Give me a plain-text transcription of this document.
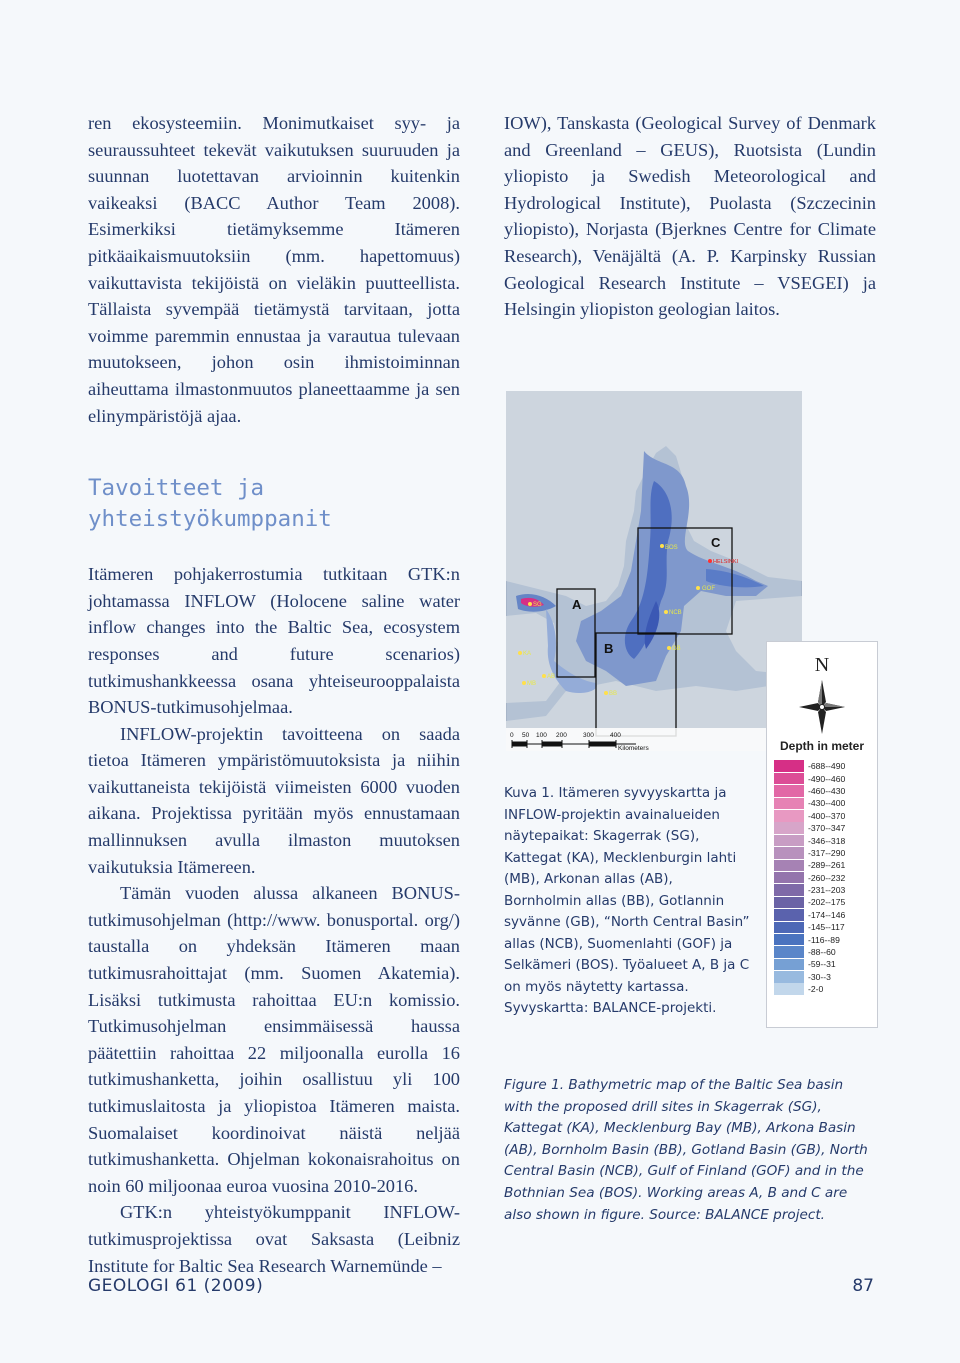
ren ekosysteemiin. Monimutkaiset syy- ja seuraussuhteet tekevät vaikutuksen suuruuden ja suunnan luotettavan arvioinnin kuitenkin vaikeaksi (BACC Author Team 2008). Esimerkiksi tietämyksemme Itämeren pitkäaikaismuutoksiin (mm. hapettomuus) vaikuttavista tekijöistä on vieläkin puutteellista. Tällaista syvempää tietämystä tarvitaan, jotta voimme paremmin ennustaa ja varautua tulevaan muutokseen, johon osin ihmistoiminnan aiheuttama ilmastonmuutos planeettaamme ja sen elinympäristöjä ajaa.

Tavoitteet ja yhteistyökumppanit

Itämeren pohjakerrostumia tutkitaan GTK:n johtamassa INFLOW (Holocene saline water inflow changes into the Baltic Sea, ecosystem responses and future scenarios) tutkimushankkeessa osana yhteiseurooppalaista BONUS-tutkimusohjelmaa.

INFLOW-projektin tavoitteena on saada tietoa Itämeren ympäristömuutoksista ja niihin vaikuttaneista tekijöistä viimeisten 6000 vuoden aikana. Projektissa pyritään myös ennustamaan mallinnuksen avulla ilmaston muutoksen vaikutuksia Itämereen.

Tämän vuoden alussa alkaneen BONUS-tutkimusohjelman (http://www. bonusportal. org/) taustalla on yhdeksän Itämeren maan tutkimusrahoittajat (mm. Suomen Akatemia). Lisäksi tutkimusta rahoittaa EU:n komissio. Tutkimusohjelman ensimmäisessä haussa päätettiin rahoittaa 22 miljoonalla eurolla 16 tutkimushanketta, joihin osallistuu yli 100 tutkimuslaitosta ja yliopistoa Itämeren maista. Suomalaiset koordinoivat näistä neljää tutkimushanketta. Ohjelman kokonaisrahoitus on noin 60 miljoonaa euroa vuosina 2010-2016.

GTK:n yhteistyökumppanit INFLOW-tutkimusprojektissa ovat Saksasta (Leibniz Institute for Baltic Sea Research Warnemünde –

IOW), Tanskasta (Geological Survey of Denmark and Greenland – GEUS), Ruotsista (Lundin yliopisto ja Swedish Meteorological and Hydrological Institute), Puolasta (Szczecinin yliopisto), Norjasta (Bjerknes Centre for Climate Research), Venäjältä (A. P. Karpinsky Russian Geological Research Institute – VSEGEI) ja Helsingin yliopiston geologian laitos.

A
B
C
SG
KA
MB
AB
BB
GB
NCB
GOF
BOS
HELSINKI
0 50 100 200 300 400
Kilometers
N
Depth in meter
-688--490
-490--460
-460--430
-430--400
-400--370
-370--347
-346--318
-317--290
-289--261
-260--232
-231--203
-202--175
-174--146
-145--117
-116--89
-88--60
-59--31
-30--3
-2-0
Kuva 1. Itämeren syvyyskartta ja INFLOW-projektin avainalueiden näytepaikat: Skagerrak (SG), Kattegat (KA), Mecklenburgin lahti (MB), Arkonan allas (AB), Bornholmin allas (BB), Gotlannin syvänne (GB), “North Central Basin” allas (NCB), Suomenlahti (GOF) ja Selkämeri (BOS). Työalueet A, B ja C on myös näytetty kartassa. Syvyskartta: BALANCE-projekti.
Figure 1. Bathymetric map of the Baltic Sea basin with the proposed drill sites in Skagerrak (SG), Kattegat (KA), Mecklenburg Bay (MB), Arkona Basin (AB), Bornholm Basin (BB), Gotland Basin (GB), North Central Basin (NCB), Gulf of Finland (GOF) and in the Bothnian Sea (BOS). Working areas A, B and C are also shown in figure. Source: BALANCE project.
GEOLOGI 61 (2009)	87
